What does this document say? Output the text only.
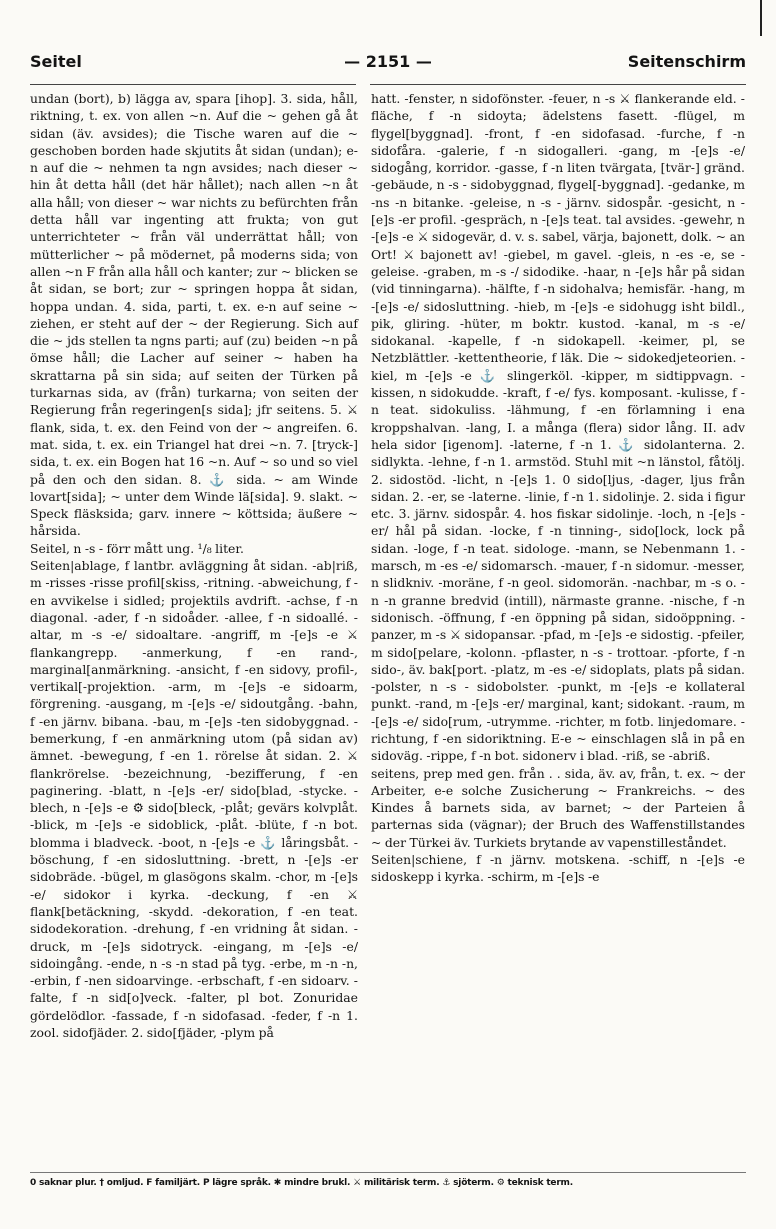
Seitel	— 2151 —	Seitenschirm

undan (bort), b) lägga av, spara [ihop]. 3. sida, håll, riktning, t. ex. von allen ~n. Auf die ~ gehen gå åt sidan (äv. avsides); die Tische waren auf die ~ geschoben borden hade skjutits åt sidan (undan); e-n auf die ~ nehmen ta ngn avsides; nach dieser ~ hin åt detta håll (det här hållet); nach allen ~n åt alla håll; von dieser ~ war nichts zu befürchten från detta håll var ingenting att frukta; von gut unterrichteter ~ från väl underrättat håll; von mütterlicher ~ på mödernet, på moderns sida; von allen ~n F från alla håll och kanter; zur ~ blicken se åt sidan, se bort; zur ~ springen hoppa åt sidan, hoppa undan. 4. sida, parti, t. ex. e-n auf seine ~ ziehen, er steht auf der ~ der Regierung. Sich auf die ~ jds stellen ta ngns parti; auf (zu) beiden ~n på ömse håll; die Lacher auf seiner ~ haben ha skrattarna på sin sida; auf seiten der Türken på turkarnas sida, av (från) turkarna; von seiten der Regierung från regeringen[s sida]; jfr seitens. 5. ⚔ flank, sida, t. ex. den Feind von der ~ angreifen. 6. mat. sida, t. ex. ein Triangel hat drei ~n. 7. [tryck-] sida, t. ex. ein Bogen hat 16 ~n. Auf ~ so und so viel på den och den sidan. 8. ⚓ sida. ~ am Winde lovart[sida]; ~ unter dem Winde lä[sida]. 9. slakt. ~ Speck fläsksida; garv. innere ~ köttsida; äußere ~ hårsida.

Seitel, n -s - förr mått ung. ¹/₈ liter.

Seiten|ablage, f lantbr. avläggning åt sidan. -ab|riß, m -risses -risse profil[skiss, -ritning. -abweichung, f -en avvikelse i sidled; projektils avdrift. -achse, f -n diagonal. -ader, f -n sidoåder. -allee, f -n sidoallé. -altar, m -s -e/ sidoaltare. -angriff, m -[e]s -e ⚔ flankangrepp. -anmerkung, f -en rand-, marginal[anmärkning. -ansicht, f -en sidovy, profil-, vertikal[-projektion. -arm, m -[e]s -e sidoarm, förgrening. -ausgang, m -[e]s -e/ sidoutgång. -bahn, f -en järnv. bibana. -bau, m -[e]s -ten sidobyggnad. -bemerkung, f -en anmärkning utom (på sidan av) ämnet. -bewegung, f -en 1. rörelse åt sidan. 2. ⚔ flankrörelse. -bezeichnung, -bezifferung, f -en paginering. -blatt, n -[e]s -er/ sido[blad, -stycke. -blech, n -[e]s -e ⚙ sido[bleck, -plåt; gevärs kolvplåt. -blick, m -[e]s -e sidoblick, -plåt. -blüte, f -n bot. blomma i bladveck. -boot, n -[e]s -e ⚓ låringsbåt. -böschung, f -en sidosluttning. -brett, n -[e]s -er sidobräde. -bügel, m glasögons skalm. -chor, m -[e]s -e/ sidokor i kyrka. -deckung, f -en ⚔ flank[betäckning, -skydd. -dekoration, f -en teat. sidodekoration. -drehung, f -en vridning åt sidan. -druck, m -[e]s sidotryck. -eingang, m -[e]s -e/ sidoingång. -ende, n -s -n stad på tyg. -erbe, m -n -n, -erbin, f -nen sidoarvinge. -erbschaft, f -en sidoarv. -falte, f -n sid[o]veck. -falter, pl bot. Zonuridae gördelödlor. -fassade, f -n sidofasad. -feder, f -n 1. zool. sidofjäder. 2. sido[fjäder, -plym på

hatt. -fenster, n sidofönster. -feuer, n -s ⚔ flankerande eld. -fläche, f -n sidoyta; ädelstens fasett. -flügel, m flygel[byggnad]. -front, f -en sidofasad. -furche, f -n sidofåra. -galerie, f -n sidogalleri. -gang, m -[e]s -e/ sidogång, korridor. -gasse, f -n liten tvärgata, [tvär-] gränd. -gebäude, n -s - sidobyggnad, flygel[-byggnad]. -gedanke, m -ns -n bitanke. -geleise, n -s - järnv. sidospår. -gesicht, n -[e]s -er profil. -gespräch, n -[e]s teat. tal avsides. -gewehr, n -[e]s -e ⚔ sidogevär, d. v. s. sabel, värja, bajonett, dolk. ~ an Ort! ⚔ bajonett av! -giebel, m gavel. -gleis, n -es -e, se -geleise. -graben, m -s -/ sidodike. -haar, n -[e]s hår på sidan (vid tinningarna). -hälfte, f -n sidohalva; hemisfär. -hang, m -[e]s -e/ sidosluttning. -hieb, m -[e]s -e sidohugg isht bildl., pik, gliring. -hüter, m boktr. kustod. -kanal, m -s -e/ sidokanal. -kapelle, f -n sidokapell. -keimer, pl, se Netzblättler. -kettentheorie, f läk. Die ~ sidokedjeteorien. -kiel, m -[e]s -e ⚓ slingerköl. -kipper, m sidtippvagn. -kissen, n sidokudde. -kraft, f -e/ fys. komposant. -kulisse, f -n teat. sidokuliss. -lähmung, f -en förlamning i ena kroppshalvan. -lang, I. a många (flera) sidor lång. II. adv hela sidor [igenom]. -laterne, f -n 1. ⚓ sidolanterna. 2. sidlykta. -lehne, f -n 1. armstöd. Stuhl mit ~n länstol, fåtölj. 2. sidostöd. -licht, n -[e]s 1. 0 sido[ljus, -dager, ljus från sidan. 2. -er, se -laterne. -linie, f -n 1. sidolinje. 2. sida i figur etc. 3. järnv. sidospår. 4. hos fiskar sidolinje. -loch, n -[e]s -er/ hål på sidan. -locke, f -n tinning-, sido[lock, lock på sidan. -loge, f -n teat. sidologe. -mann, se Nebenmann 1. -marsch, m -es -e/ sidomarsch. -mauer, f -n sidomur. -messer, n slidkniv. -moräne, f -n geol. sidomorän. -nachbar, m -s o. -n -n granne bredvid (intill), närmaste granne. -nische, f -n sidonisch. -öffnung, f -en öppning på sidan, sidoöppning. -panzer, m -s ⚔ sidopansar. -pfad, m -[e]s -e sidostig. -pfeiler, m sido[pelare, -kolonn. -pflaster, n -s - trottoar. -pforte, f -n sido-, äv. bak[port. -platz, m -es -e/ sidoplats, plats på sidan. -polster, n -s - sidobolster. -punkt, m -[e]s -e kollateral punkt. -rand, m -[e]s -er/ marginal, kant; sidokant. -raum, m -[e]s -e/ sido[rum, -utrymme. -richter, m fotb. linjedomare. -richtung, f -en sidoriktning. E-e ~ einschlagen slå in på en sidoväg. -rippe, f -n bot. sidonerv i blad. -riß, se -abriß.

seitens, prep med gen. från . . sida, äv. av, från, t. ex. ~ der Arbeiter, e-e solche Zusicherung ~ Frankreichs. ~ des Kindes å barnets sida, av barnet; ~ der Parteien å parternas sida (vägnar); der Bruch des Waffenstillstandes ~ der Türkei äv. Turkiets brytande av vapenstilleståndet.

Seiten|schiene, f -n järnv. motskena. -schiff, n -[e]s -e sidoskepp i kyrka. -schirm, m -[e]s -e

0 saknar plur. † omljud. F familjärt. P lägre språk. ✱ mindre brukl. ⚔ militärisk term. ⚓ sjöterm. ⚙ teknisk term.
